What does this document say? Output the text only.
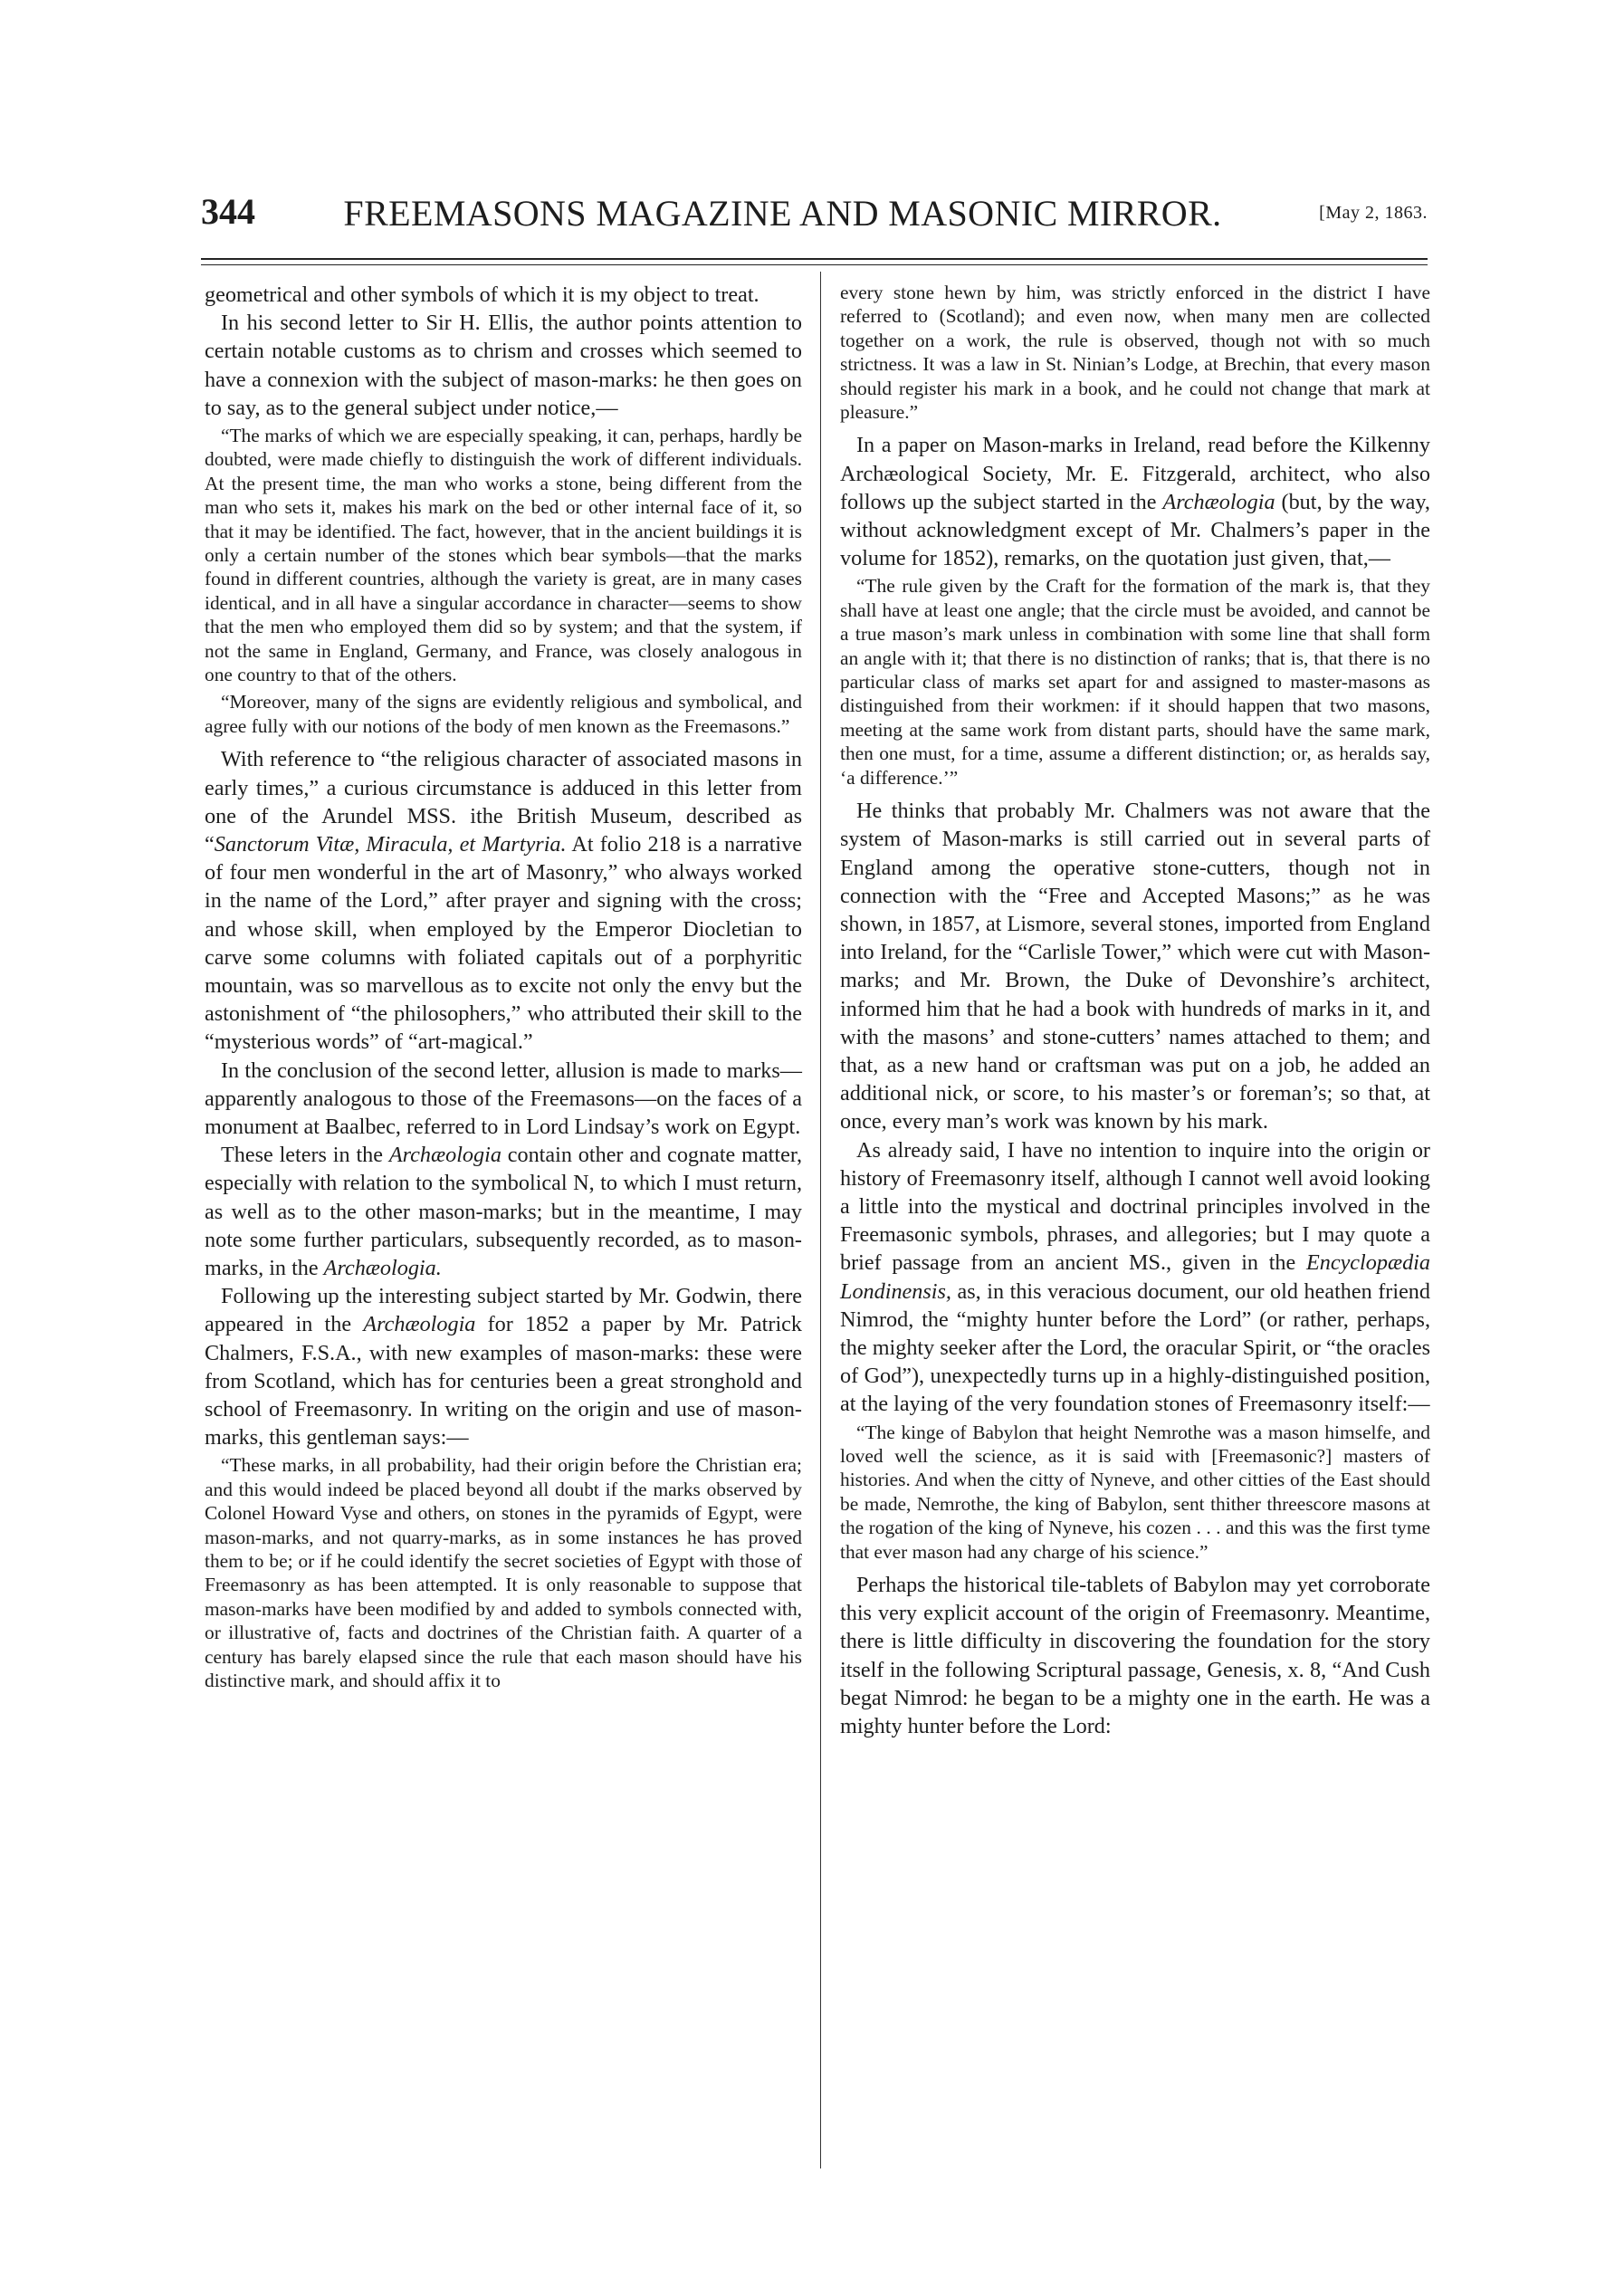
344	FREEMASONS MAGAZINE AND MASONIC MIRROR.	[May 2, 1863.

geometrical and other symbols of which it is my object to treat.

In his second letter to Sir H. Ellis, the author points attention to certain notable customs as to chrism and crosses which seemed to have a connexion with the subject of mason-marks: he then goes on to say, as to the general subject under notice,—

“The marks of which we are especially speaking, it can, perhaps, hardly be doubted, were made chiefly to distinguish the work of different individuals. At the present time, the man who works a stone, being different from the man who sets it, makes his mark on the bed or other internal face of it, so that it may be identified. The fact, however, that in the ancient buildings it is only a certain number of the stones which bear symbols—that the marks found in different countries, although the variety is great, are in many cases identical, and in all have a singular accordance in character—seems to show that the men who employed them did so by system; and that the system, if not the same in England, Germany, and France, was closely analogous in one country to that of the others.

“Moreover, many of the signs are evidently religious and symbolical, and agree fully with our notions of the body of men known as the Freemasons.”

With reference to “the religious character of associated masons in early times,” a curious circumstance is adduced in this letter from one of the Arundel MSS. ithe British Museum, described as “Sanctorum Vitæ, Miracula, et Martyria. At folio 218 is a narrative of four men wonderful in the art of Masonry,” who always worked in the name of the Lord,” after prayer and signing with the cross; and whose skill, when employed by the Emperor Diocletian to carve some columns with foliated capitals out of a porphyritic mountain, was so marvellous as to excite not only the envy but the astonishment of “the philosophers,” who attributed their skill to the “mysterious words” of “art-magical.”

In the conclusion of the second letter, allusion is made to marks—apparently analogous to those of the Freemasons—on the faces of a monument at Baalbec, referred to in Lord Lindsay’s work on Egypt.

These leters in the Archæologia contain other and cognate matter, especially with relation to the symbolical N, to which I must return, as well as to the other mason-marks; but in the meantime, I may note some further particulars, subsequently recorded, as to mason-marks, in the Archæologia.

Following up the interesting subject started by Mr. Godwin, there appeared in the Archæologia for 1852 a paper by Mr. Patrick Chalmers, F.S.A., with new examples of mason-marks: these were from Scotland, which has for centuries been a great stronghold and school of Freemasonry. In writing on the origin and use of mason-marks, this gentleman says:—

“These marks, in all probability, had their origin before the Christian era; and this would indeed be placed beyond all doubt if the marks observed by Colonel Howard Vyse and others, on stones in the pyramids of Egypt, were mason-marks, and not quarry-marks, as in some instances he has proved them to be; or if he could identify the secret societies of Egypt with those of Freemasonry as has been attempted. It is only reasonable to suppose that mason-marks have been modified by and added to symbols connected with, or illustrative of, facts and doctrines of the Christian faith. A quarter of a century has barely elapsed since the rule that each mason should have his distinctive mark, and should affix it to

every stone hewn by him, was strictly enforced in the district I have referred to (Scotland); and even now, when many men are collected together on a work, the rule is observed, though not with so much strictness. It was a law in St. Ninian’s Lodge, at Brechin, that every mason should register his mark in a book, and he could not change that mark at pleasure.”

In a paper on Mason-marks in Ireland, read before the Kilkenny Archæological Society, Mr. E. Fitzgerald, architect, who also follows up the subject started in the Archæologia (but, by the way, without acknowledgment except of Mr. Chalmers’s paper in the volume for 1852), remarks, on the quotation just given, that,—

“The rule given by the Craft for the formation of the mark is, that they shall have at least one angle; that the circle must be avoided, and cannot be a true mason’s mark unless in combination with some line that shall form an angle with it; that there is no distinction of ranks; that is, that there is no particular class of marks set apart for and assigned to master-masons as distinguished from their workmen: if it should happen that two masons, meeting at the same work from distant parts, should have the same mark, then one must, for a time, assume a different distinction; or, as heralds say, ‘a difference.’”

He thinks that probably Mr. Chalmers was not aware that the system of Mason-marks is still carried out in several parts of England among the operative stone-cutters, though not in connection with the “Free and Accepted Masons;” as he was shown, in 1857, at Lismore, several stones, imported from England into Ireland, for the “Carlisle Tower,” which were cut with Mason-marks; and Mr. Brown, the Duke of Devonshire’s architect, informed him that he had a book with hundreds of marks in it, and with the masons’ and stone-cutters’ names attached to them; and that, as a new hand or craftsman was put on a job, he added an additional nick, or score, to his master’s or foreman’s; so that, at once, every man’s work was known by his mark.

As already said, I have no intention to inquire into the origin or history of Freemasonry itself, although I cannot well avoid looking a little into the mystical and doctrinal principles involved in the Freemasonic symbols, phrases, and allegories; but I may quote a brief passage from an ancient MS., given in the Encyclopædia Londinensis, as, in this veracious document, our old heathen friend Nimrod, the “mighty hunter before the Lord” (or rather, perhaps, the mighty seeker after the Lord, the oracular Spirit, or “the oracles of God”), unexpectedly turns up in a highly-distinguished position, at the laying of the very foundation stones of Freemasonry itself:—

“The kinge of Babylon that height Nemrothe was a mason himselfe, and loved well the science, as it is said with [Freemasonic?] masters of histories. And when the citty of Nyneve, and other citties of the East should be made, Nemrothe, the king of Babylon, sent thither threescore masons at the rogation of the king of Nyneve, his cozen . . . and this was the first tyme that ever mason had any charge of his science.”

Perhaps the historical tile-tablets of Babylon may yet corroborate this very explicit account of the origin of Freemasonry. Meantime, there is little difficulty in discovering the foundation for the story itself in the following Scriptural passage, Genesis, x. 8, “And Cush begat Nimrod: he began to be a mighty one in the earth. He was a mighty hunter before the Lord:
